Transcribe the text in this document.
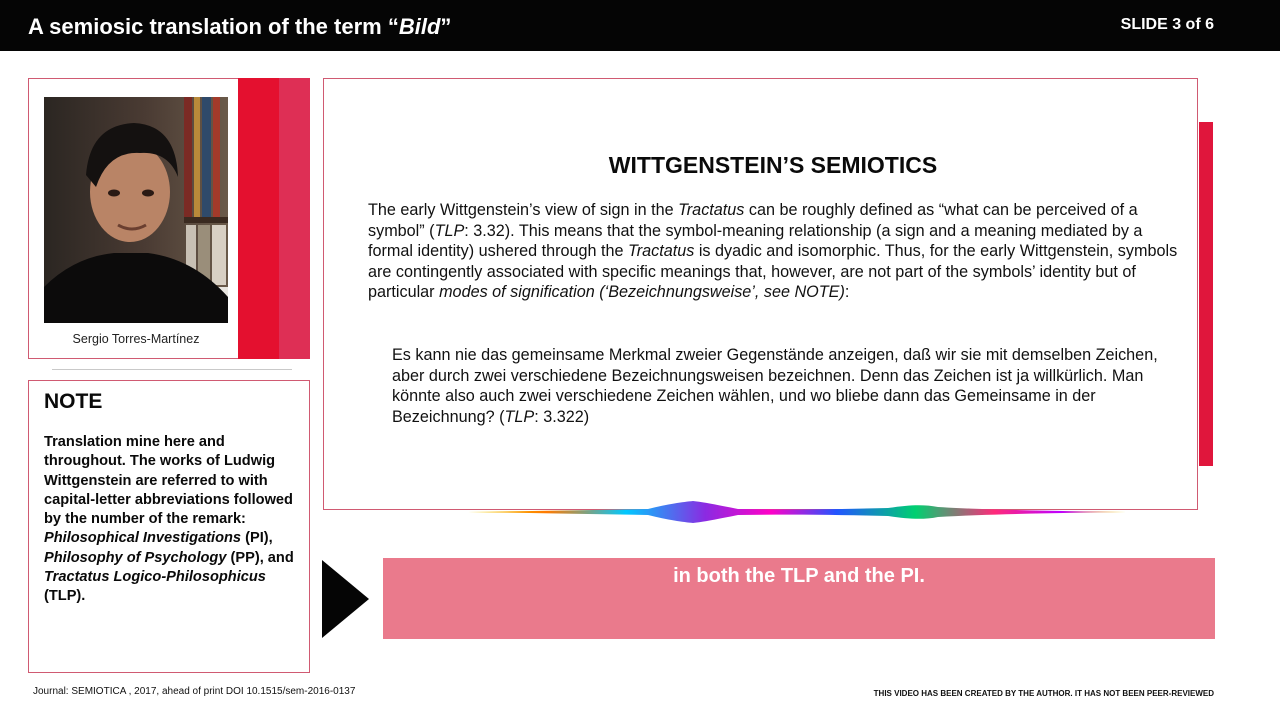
A semiosic translation of the term “Bild”	SLIDE 3 of 6
Sergio Torres-Martínez
NOTE
Translation mine here and throughout. The works of Ludwig Wittgenstein are referred to with capital-letter abbreviations followed by the number of the remark: Philosophical Investigations (PI), Philosophy of Psychology (PP), and Tractatus Logico-Philosophicus (TLP).
WITTGENSTEIN’S SEMIOTICS
The early Wittgenstein’s view of sign in the Tractatus can be roughly defined as “what can be perceived of a symbol” (TLP: 3.32). This means that the symbol-meaning relationship (a sign and a meaning mediated by a formal identity) ushered through the Tractatus is dyadic and isomorphic. Thus, for the early Wittgenstein, symbols are contingently associated with specific meanings that, however, are not part of the symbols’ identity but of particular modes of signification (‘Bezeichnungsweise’, see NOTE):
Es kann nie das gemeinsame Merkmal zweier Gegenstände anzeigen, daß wir sie mit demselben Zeichen, aber durch zwei verschiedene Bezeichnungsweisen bezeichnen. Denn das Zeichen ist ja willkürlich. Man könnte also auch zwei verschiedene Zeichen wählen, und wo bliebe dann das Gemeinsame in der Bezeichnung? (TLP: 3.322)
in both the TLP and the PI.
Journal: SEMIOTICA , 2017, ahead of print DOI 10.1515/sem-2016-0137	THIS VIDEO HAS BEEN CREATED BY THE AUTHOR. IT HAS NOT BEEN PEER-REVIEWED
